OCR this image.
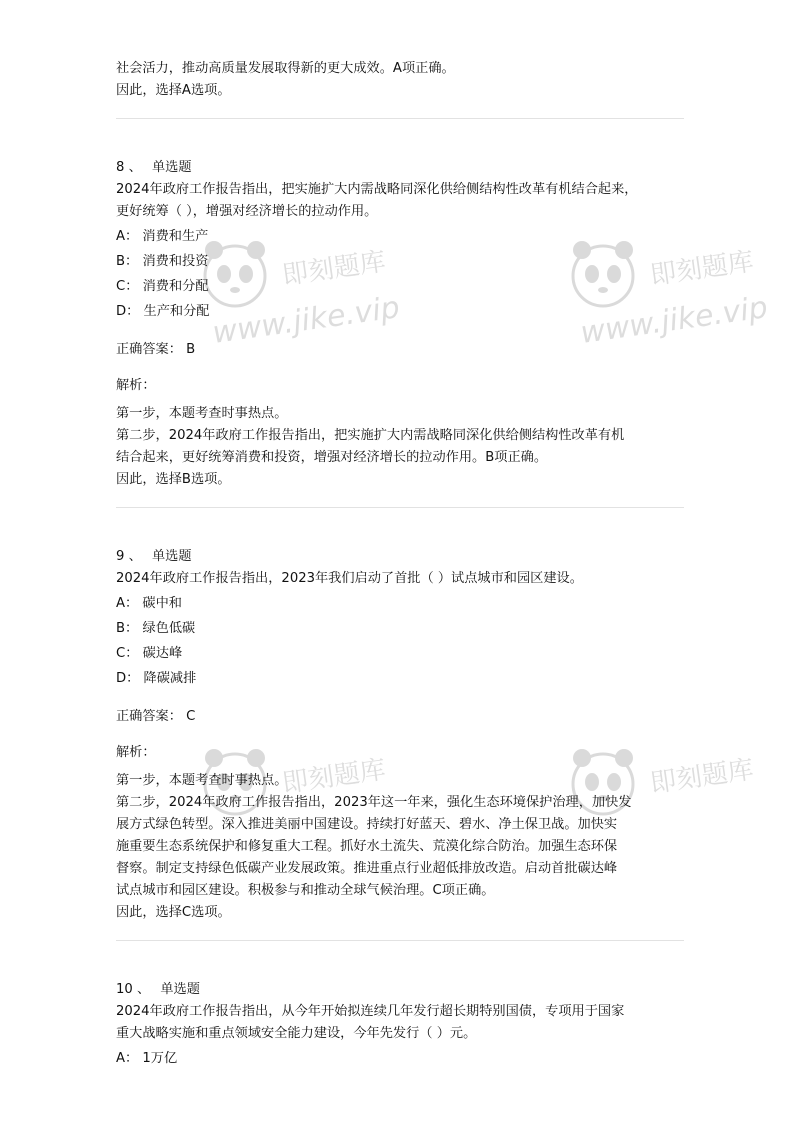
即刻题库
www.jike.vip
即刻题库
www.jike.vip
即刻题库	即刻题库
社会活力，推动高质量发展取得新的更大成效。A项正确。
因此，选择A选项。
8 、 单选题
2024年政府工作报告指出，把实施扩大内需战略同深化供给侧结构性改革有机结合起来，
更好统筹（ ），增强对经济增长的拉动作用。
A： 消费和生产
B： 消费和投资
C： 消费和分配
D： 生产和分配
正确答案： B
解析：
第一步，本题考查时事热点。
第二步，2024年政府工作报告指出，把实施扩大内需战略同深化供给侧结构性改革有机
结合起来，更好统筹消费和投资，增强对经济增长的拉动作用。B项正确。
因此，选择B选项。
9 、 单选题
2024年政府工作报告指出，2023年我们启动了首批（ ）试点城市和园区建设。
A： 碳中和
B： 绿色低碳
C： 碳达峰
D： 降碳减排
正确答案： C
解析：
第一步，本题考查时事热点。
第二步，2024年政府工作报告指出，2023年这一年来，强化生态环境保护治理，加快发
展方式绿色转型。深入推进美丽中国建设。持续打好蓝天、碧水、净土保卫战。加快实
施重要生态系统保护和修复重大工程。抓好水土流失、荒漠化综合防治。加强生态环保
督察。制定支持绿色低碳产业发展政策。推进重点行业超低排放改造。启动首批碳达峰
试点城市和园区建设。积极参与和推动全球气候治理。C项正确。
因此，选择C选项。
10 、 单选题
2024年政府工作报告指出，从今年开始拟连续几年发行超长期特别国债，专项用于国家
重大战略实施和重点领域安全能力建设，今年先发行（ ）元。
A： 1万亿
